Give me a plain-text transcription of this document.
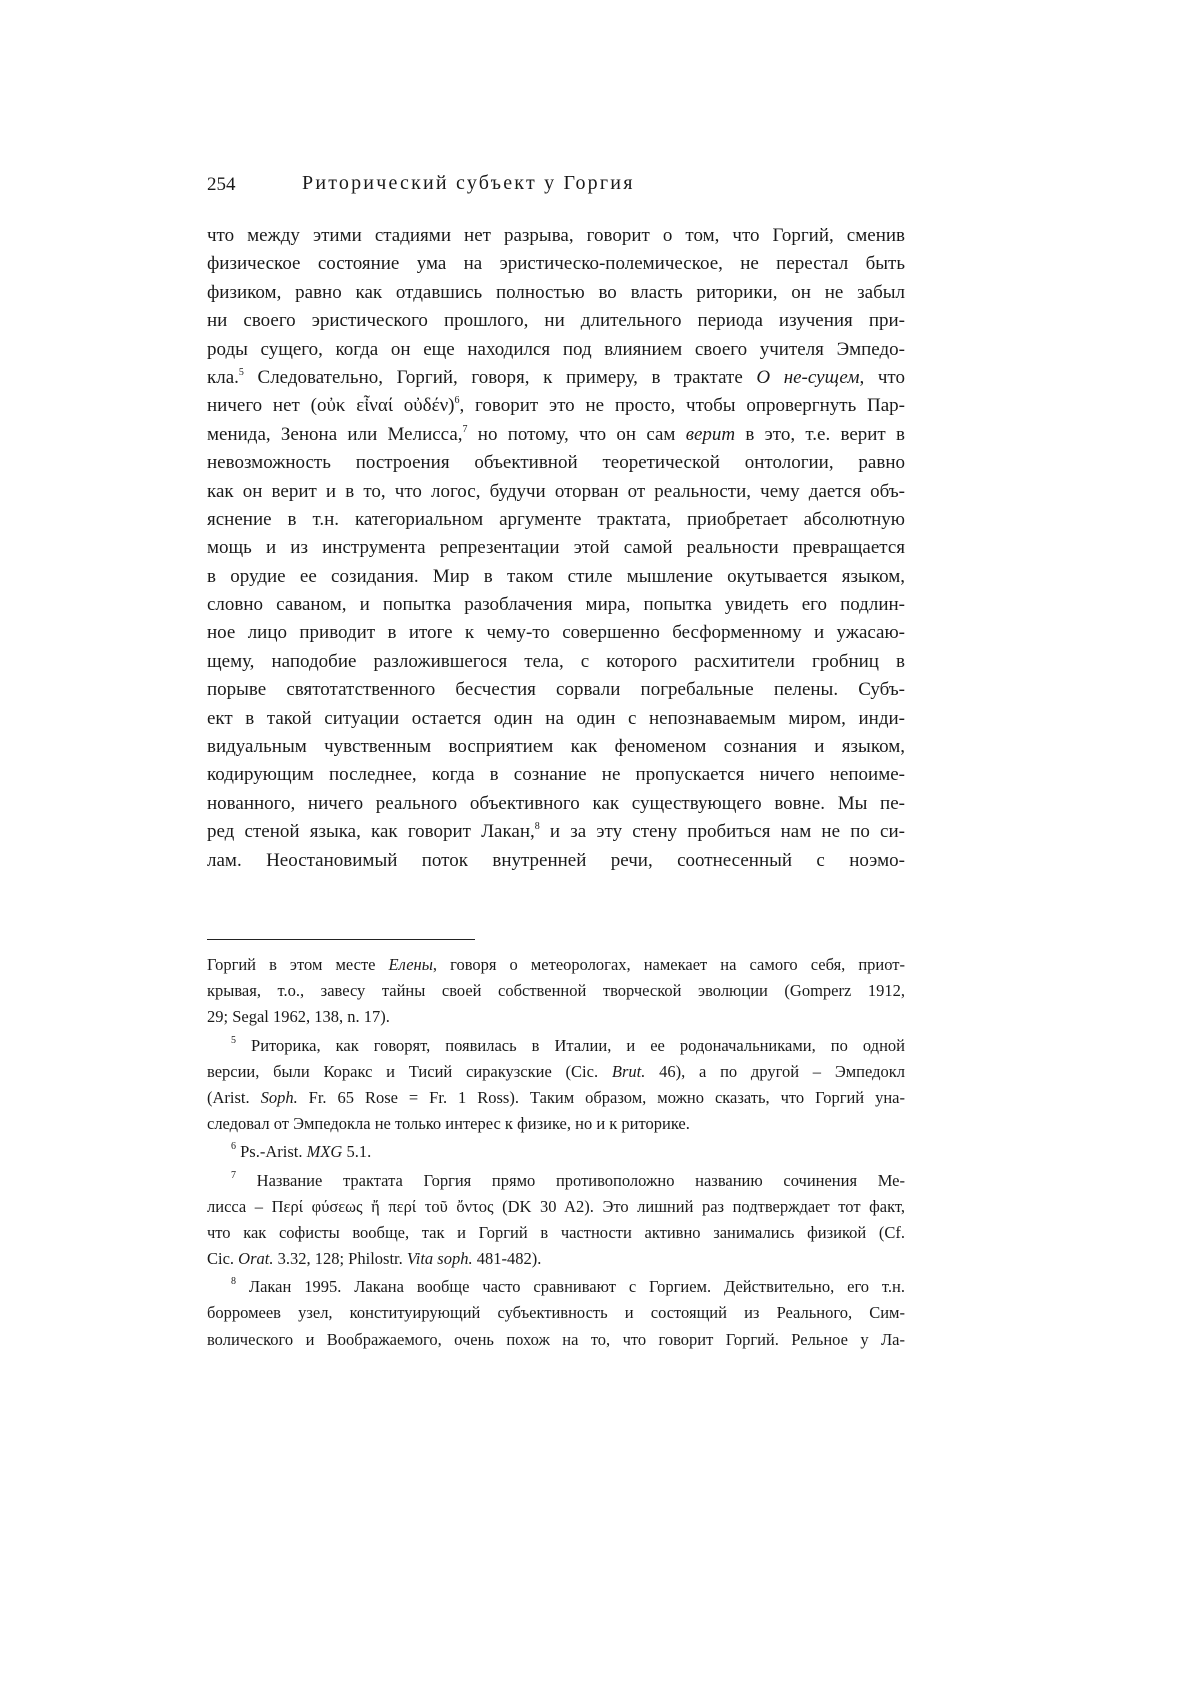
254	Риторический субъект у Горгия
что между этими стадиями нет разрыва, говорит о том, что Горгий, сменив
физическое состояние ума на эристическо-полемическое, не перестал быть
физиком, равно как отдавшись полностью во власть риторики, он не забыл
ни своего эристического прошлого, ни длительного периода изучения при-
роды сущего, когда он еще находился под влиянием своего учителя Эмпедо-
кла.5 Следовательно, Горгий, говоря, к примеру, в трактате О не-сущем, что
ничего нет (οὐκ εἶναί οὐδέν)6, говорит это не просто, чтобы опровергнуть Пар-
менида, Зенона или Мелисса,7 но потому, что он сам верит в это, т.е. верит в
невозможность построения объективной теоретической онтологии, равно
как он верит и в то, что логос, будучи оторван от реальности, чему дается объ-
яснение в т.н. категориальном аргументе трактата, приобретает абсолютную
мощь и из инструмента репрезентации этой самой реальности превращается
в орудие ее созидания. Мир в таком стиле мышление окутывается языком,
словно саваном, и попытка разоблачения мира, попытка увидеть его подлин-
ное лицо приводит в итоге к чему-то совершенно бесформенному и ужасаю-
щему, наподобие разложившегося тела, с которого расхитители гробниц в
порыве святотатственного бесчестия сорвали погребальные пелены. Субъ-
ект в такой ситуации остается один на один с непознаваемым миром, инди-
видуальным чувственным восприятием как феноменом сознания и языком,
кодирующим последнее, когда в сознание не пропускается ничего непоиме-
нованного, ничего реального объективного как существующего вовне. Мы пе-
ред стеной языка, как говорит Лакан,8 и за эту стену пробиться нам не по си-
лам. Неостановимый поток внутренней речи, соотнесенный с ноэмо-
Горгий в этом месте Елены, говоря о метеорологах, намекает на самого себя, приот-
крывая, т.о., завесу тайны своей собственной творческой эволюции (Gomperz 1912,
29; Segal 1962, 138, n. 17).
5 Риторика, как говорят, появилась в Италии, и ее родоначальниками, по одной
версии, были Коракс и Тисий сиракузские (Cic. Brut. 46), а по другой – Эмпедокл
(Arist. Soph. Fr. 65 Rose = Fr. 1 Ross). Таким образом, можно сказать, что Горгий уна-
следовал от Эмпедокла не только интерес к физике, но и к риторике.
6 Ps.-Arist. MXG 5.1.
7 Название трактата Горгия прямо противоположно названию сочинения Ме-
лисса – Περί φύσεως ἤ περί τοῦ ὄντος (DK 30 A2). Это лишний раз подтверждает тот факт,
что как софисты вообще, так и Горгий в частности активно занимались физикой (Cf.
Cic. Orat. 3.32, 128; Philostr. Vita soph. 481-482).
8 Лакан 1995. Лакана вообще часто сравнивают с Горгием. Действительно, его т.н.
борромеев узел, конституирующий субъективность и состоящий из Реального, Сим-
волического и Воображаемого, очень похож на то, что говорит Горгий. Рельное у Ла-
